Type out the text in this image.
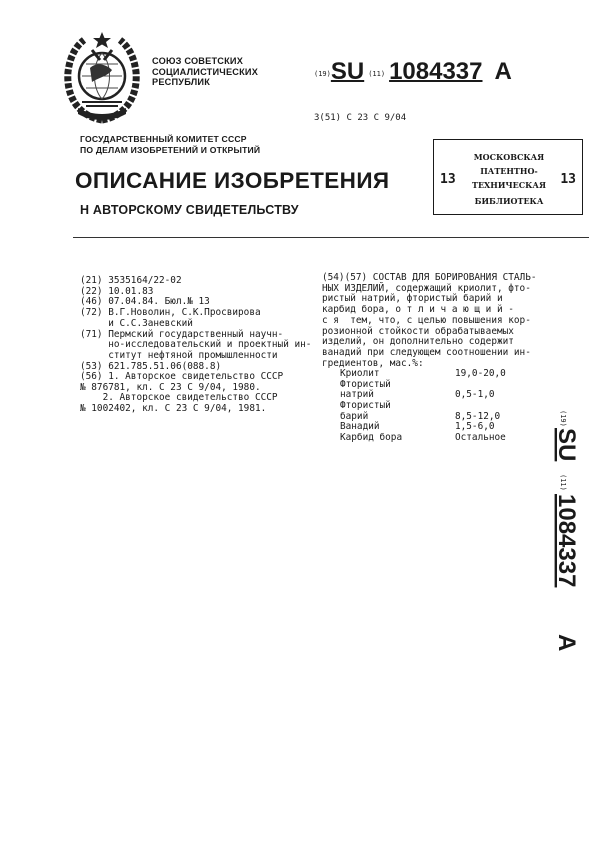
СОЮЗ СОВЕТСКИХ
СОЦИАЛИСТИЧЕСКИХ
РЕСПУБЛИК
(19)SU (11) 1084337 A
3(51) C 23 C 9/04
ГОСУДАРСТВЕННЫЙ КОМИТЕТ СССР
ПО ДЕЛАМ ИЗОБРЕТЕНИЙ И ОТКРЫТИЙ
ОПИСАНИЕ ИЗОБРЕТЕНИЯ
Н АВТОРСКОМУ СВИДЕТЕЛЬСТВУ
13	13
МОСКОВСКАЯ
ПАТЕНТНО-
ТЕХНИЧЕСКАЯ
БИБЛИОТЕКА
(21) 3535164/22-02
(22) 10.01.83
(46) 07.04.84. Бюл.№ 13
(72) В.Г.Новолин, С.К.Просвирова
и С.С.Заневский
(71) Пермский государственный научн-
но-исследовательский и проектный ин-
ститут нефтяной промышленности
(53) 621.785.51.06(088.8)
(56) 1. Авторское свидетельство СССР
№ 876781, кл. С 23 С 9/04, 1980.
2. Авторское свидетельство СССР
№ 1002402, кл. С 23 С 9/04, 1981.
(54)(57) СОСТАВ ДЛЯ БОРИРОВАНИЯ СТАЛЬ-
НЫХ ИЗДЕЛИЙ, содержащий криолит, фто-
ристый натрий, фтористый барий и
карбид бора, о т л и ч а ю щ и й -
с я  тем, что, с целью повышения кор-
розионной стойкости обрабатываемых
изделий, он дополнительно содержит
ванадий при следующем соотношении ин-
гредиентов, мас.%:
Криолит	19,0-20,0
Фтористый
натрий	0,5-1,0
Фтористый
барий	8,5-12,0
Ванадий	1,5-6,0
Карбид бора	Остальное
(19)
SU
(11)
1084337
A
